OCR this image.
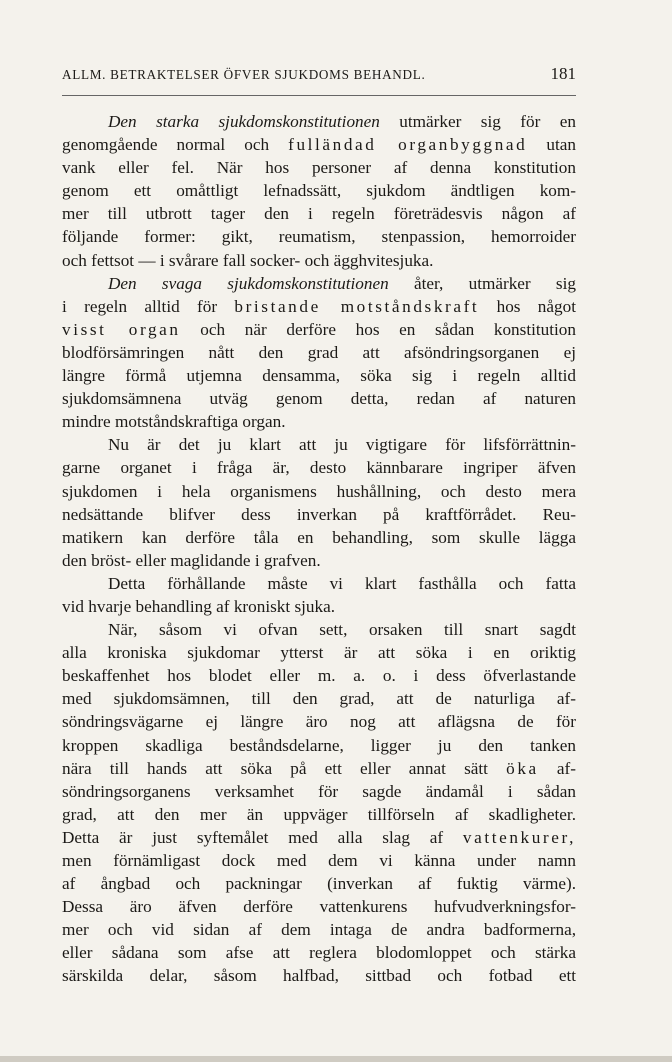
ALLM. BETRAKTELSER ÖFVER SJUKDOMS BEHANDL.	181
Den starka sjukdomskonstitutionen utmärker sig för en
genomgående normal och fulländad organbyggnad utan
vank eller fel. När hos personer af denna konstitution
genom ett omåttligt lefnadssätt, sjukdom ändtligen kom-
mer till utbrott tager den i regeln företrädesvis någon af
följande former: gikt, reumatism, stenpassion, hemorroider
och fettsot — i svårare fall socker- och ägghvitesjuka.
Den svaga sjukdomskonstitutionen åter, utmärker sig
i regeln alltid för bristande motståndskraft hos något
visst organ och när derföre hos en sådan konstitution
blodförsämringen nått den grad att afsöndringsorganen ej
längre förmå utjemna densamma, söka sig i regeln alltid
sjukdomsämnena utväg genom detta, redan af naturen
mindre motståndskraftiga organ.
Nu är det ju klart att ju vigtigare för lifsförrättnin-
garne organet i fråga är, desto kännbarare ingriper äfven
sjukdomen i hela organismens hushållning, och desto mera
nedsättande blifver dess inverkan på kraftförrådet. Reu-
matikern kan derföre tåla en behandling, som skulle lägga
den bröst- eller maglidande i grafven.
Detta förhållande måste vi klart fasthålla och fatta
vid hvarje behandling af kroniskt sjuka.
När, såsom vi ofvan sett, orsaken till snart sagdt
alla kroniska sjukdomar ytterst är att söka i en oriktig
beskaffenhet hos blodet eller m. a. o. i dess öfverlastande
med sjukdomsämnen, till den grad, att de naturliga af-
söndringsvägarne ej längre äro nog att aflägsna de för
kroppen skadliga beståndsdelarne, ligger ju den tanken
nära till hands att söka på ett eller annat sätt öka af-
söndringsorganens verksamhet för sagde ändamål i sådan
grad, att den mer än uppväger tillförseln af skadligheter.
Detta är just syftemålet med alla slag af vattenkurer,
men förnämligast dock med dem vi känna under namn
af ångbad och packningar (inverkan af fuktig värme).
Dessa äro äfven derföre vattenkurens hufvudverkningsfor-
mer och vid sidan af dem intaga de andra badformerna,
eller sådana som afse att reglera blodomloppet och stärka
särskilda delar, såsom halfbad, sittbad och fotbad ett
